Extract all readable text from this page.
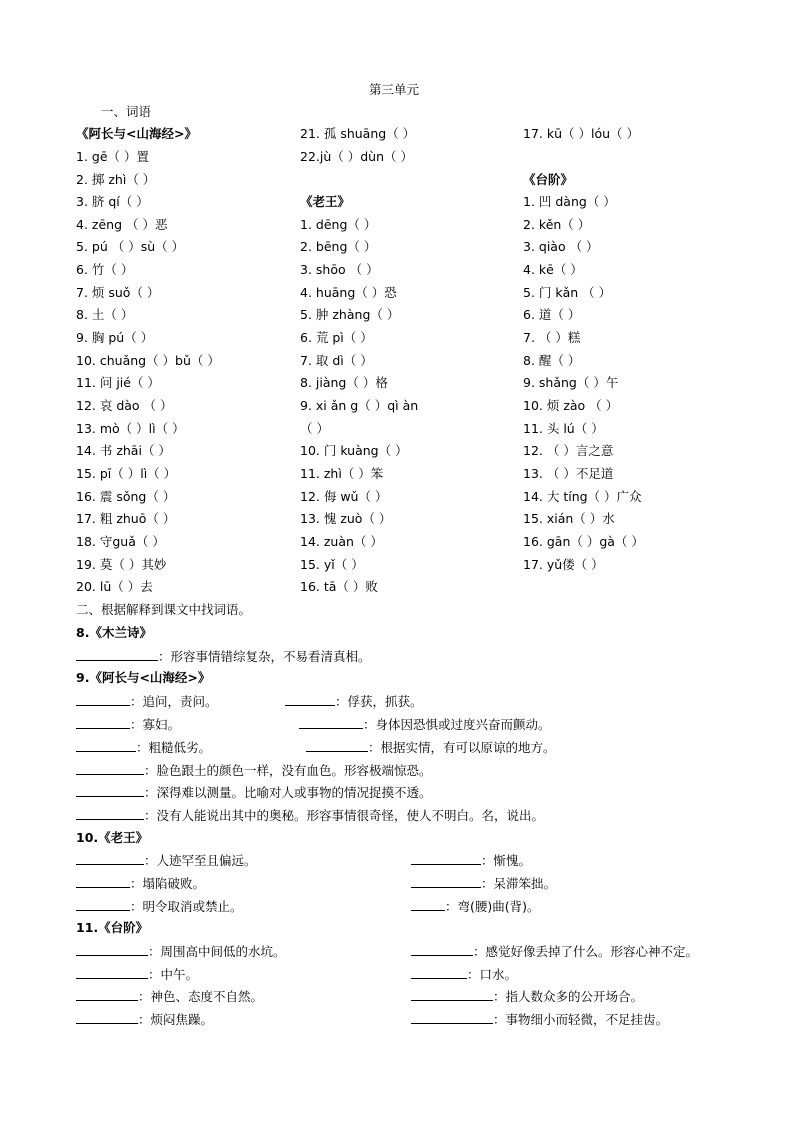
第三单元
一、词语
《阿长与<山海经>》
1. gē（ ）置
2. 掷 zhì（ ）
3. 脐 qí（ ）
4. zēng （ ）恶
5. pú （ ）sù（ ）
6. 竹（ ）
7. 烦 suǒ（ ）
8. 土（ ）
9. 胸 pú（ ）
10. chuǎng（ ）bǔ（ ）
11. 问 jié（ ）
12. 哀 dào （ ）
13. mò（ ）lì（ ）
14. 书 zhāi（ ）
15. pī（ ）lì（ ）
16. 震 sǒng（ ）
17. 粗 zhuō（ ）
18. 守guǎ（ ）
19. 莫（ ）其妙
20. lū（ ）去
21. 孤 shuāng（ ）
22.jù（ ）dùn（ ）
《老王》
1. dēng（ ）
2. bēng（ ）
3. shōo （ ）
4. huāng（ ）恐
5. 肿 zhàng（ ）
6. 荒 pì（ ）
7. 取 dì（ ）
8. jiàng（ ）格
9. xi ǎn g（ ）qì àn
（ ）
10. 门 kuàng（ ）
11. zhì（ ）笨
12. 侮 wǔ（ ）
13. 愧 zuò（ ）
14. zuàn（ ）
15. yǐ（ ）
16. tā（ ）败
17. kū（ ）lóu（ ）
《台阶》
1. 凹 dàng（ ）
2. kěn（ ）
3. qiào （ ）
4. kē（ ）
5. 门 kǎn （ ）
6. 道（ ）
7. （ ）糕
8. 醒（ ）
9. shǎng（ ）午
10. 烦 zào （ ）
11. 头 lú（ ）
12. （ ）言之意
13. （ ）不足道
14. 大 tíng（ ）广众
15. xián（ ）水
16. gān（ ）gà（ ）
17. yǔ偻（ ）
二、根据解释到课文中找词语。
8.《木兰诗》
：形容事情错综复杂，不易看清真相。
9.《阿长与<山海经>》
：追问，责问。	：俘获，抓获。
：寡妇。	：身体因恐惧或过度兴奋而颤动。
：粗糙低劣。	：根据实情，有可以原谅的地方。
：脸色跟土的颜色一样，没有血色。形容极端惊恐。
：深得难以测量。比喻对人或事物的情况捉摸不透。
：没有人能说出其中的奥秘。形容事情很奇怪，使人不明白。名，说出。
10.《老王》
：人迹罕至且偏远。	：惭愧。
：塌陷破败。	：呆滞笨拙。
：明令取消或禁止。	：弯(腰)曲(背)。
11.《台阶》
：周围高中间低的水坑。	：感觉好像丢掉了什么。形容心神不定。
：中午。	：口水。
：神色、态度不自然。	：指人数众多的公开场合。
：烦闷焦躁。	：事物细小而轻微，不足挂齿。
